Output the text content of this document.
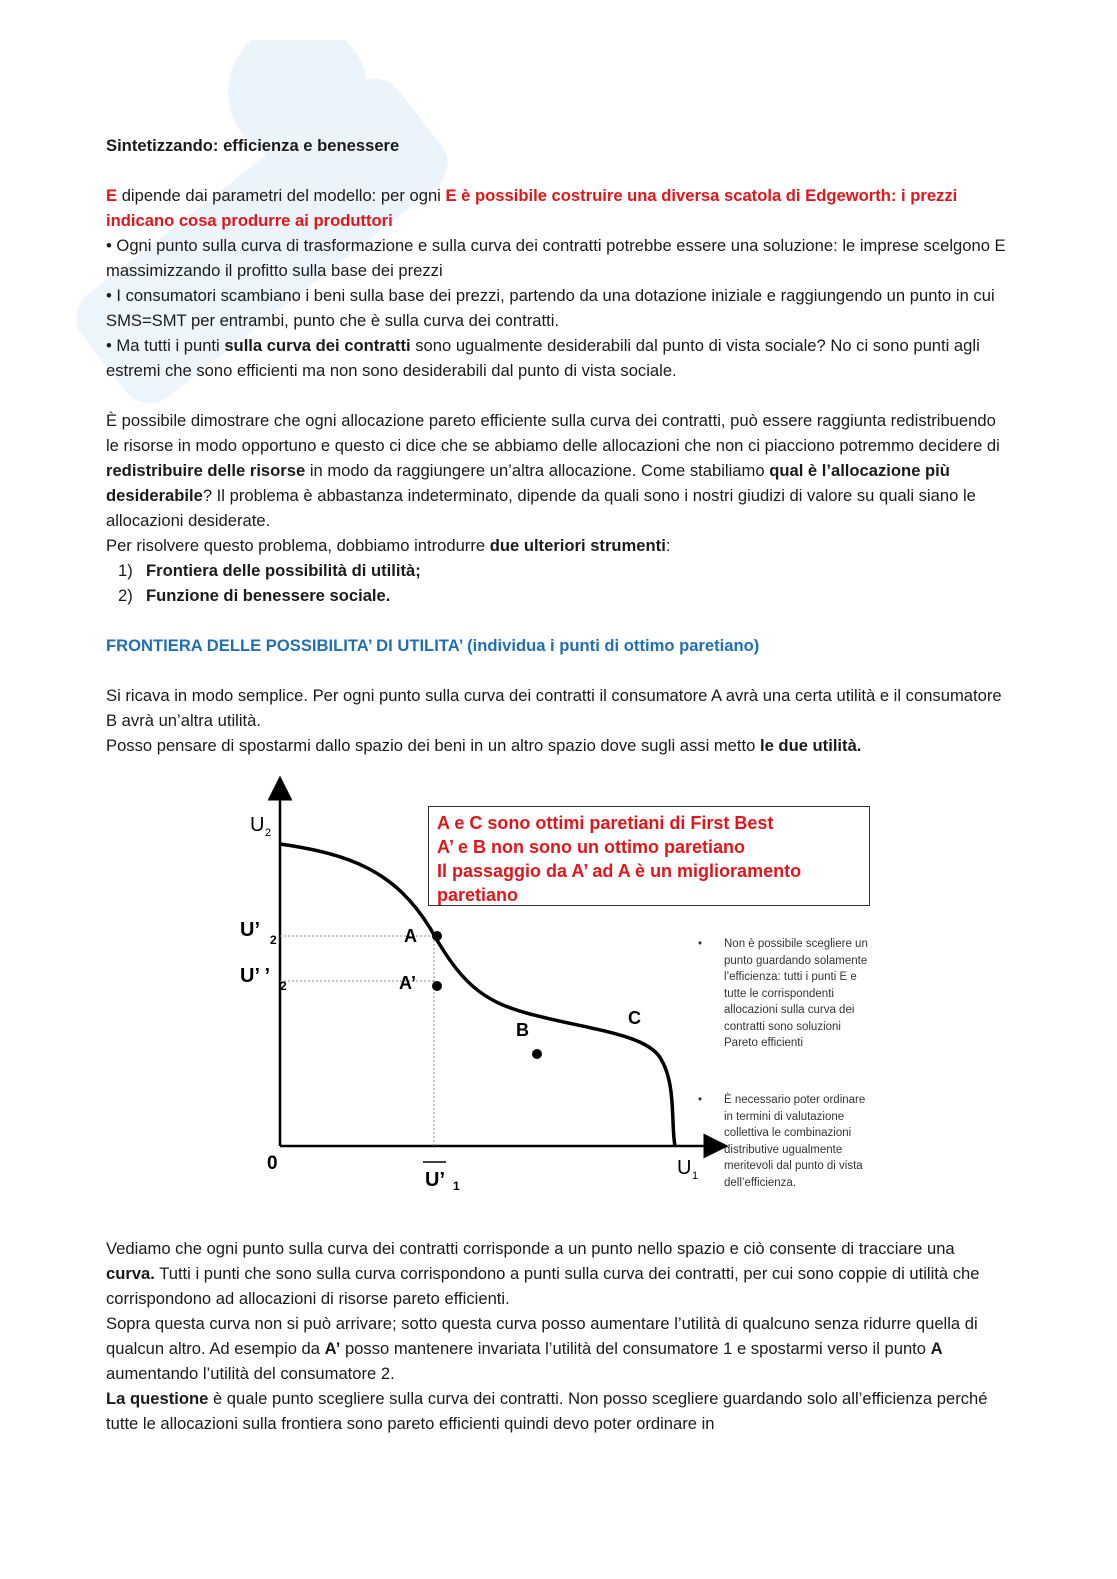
Sintetizzando: efficienza e benessere

E dipende dai parametri del modello: per ogni E è possibile costruire una diversa scatola di Edgeworth: i prezzi indicano cosa produrre ai produttori

• Ogni punto sulla curva di trasformazione e sulla curva dei contratti potrebbe essere una soluzione: le imprese scelgono E massimizzando il profitto sulla base dei prezzi

• I consumatori scambiano i beni sulla base dei prezzi, partendo da una dotazione iniziale e raggiungendo un punto in cui SMS=SMT per entrambi, punto che è sulla curva dei contratti.

• Ma tutti i punti sulla curva dei contratti sono ugualmente desiderabili dal punto di vista sociale? No ci sono punti agli estremi che sono efficienti ma non sono desiderabili dal punto di vista sociale.

È possibile dimostrare che ogni allocazione pareto efficiente sulla curva dei contratti, può essere raggiunta redistribuendo le risorse in modo opportuno e questo ci dice che se abbiamo delle allocazioni che non ci piacciono potremmo decidere di redistribuire delle risorse in modo da raggiungere un’altra allocazione. Come stabiliamo qual è l’allocazione più desiderabile? Il problema è abbastanza indeterminato, dipende da quali sono i nostri giudizi di valore su quali siano le allocazioni desiderate.

Per risolvere questo problema, dobbiamo introdurre due ulteriori strumenti:

1) Frontiera delle possibilità di utilità;
2) Funzione di benessere sociale.

FRONTIERA DELLE POSSIBILITA’ DI UTILITA’ (individua i punti di ottimo paretiano)

Si ricava in modo semplice. Per ogni punto sulla curva dei contratti il consumatore A avrà una certa utilità e il consumatore B avrà un’altra utilità.

Posso pensare di spostarmi dallo spazio dei beni in un altro spazio dove sugli assi metto le due utilità.

Vediamo che ogni punto sulla curva dei contratti corrisponde a un punto nello spazio e ciò consente di tracciare una curva. Tutti i punti che sono sulla curva corrispondono a punti sulla curva dei contratti, per cui sono coppie di utilità che corrispondono ad allocazioni di risorse pareto efficienti.

Sopra questa curva non si può arrivare; sotto questa curva posso aumentare l’utilità di qualcuno senza ridurre quella di qualcun altro. Ad esempio da A’ posso mantenere invariata l’utilità del consumatore 1 e spostarmi verso il punto A aumentando l’utilità del consumatore 2.

La questione è quale punto scegliere sulla curva dei contratti. Non posso scegliere guardando solo all’efficienza perché tutte le allocazioni sulla frontiera sono pareto efficienti quindi devo poter ordinare in

U 2
U 1
0
U’ 2
U’ ’ 2
U’ 1
A
A’
B
C
A e C sono ottimi paretiani di First Best
A’ e B non sono un ottimo paretiano
Il passaggio da A’ ad A è un miglioramento
paretiano
• Non è possibile scegliere un punto guardando solamente l’efficienza: tutti i punti E e tutte le corrispondenti allocazioni sulla curva dei contratti sono soluzioni Pareto efficienti
• È necessario poter ordinare in termini di valutazione collettiva le combinazioni distributive ugualmente meritevoli dal punto di vista dell’efficienza.
